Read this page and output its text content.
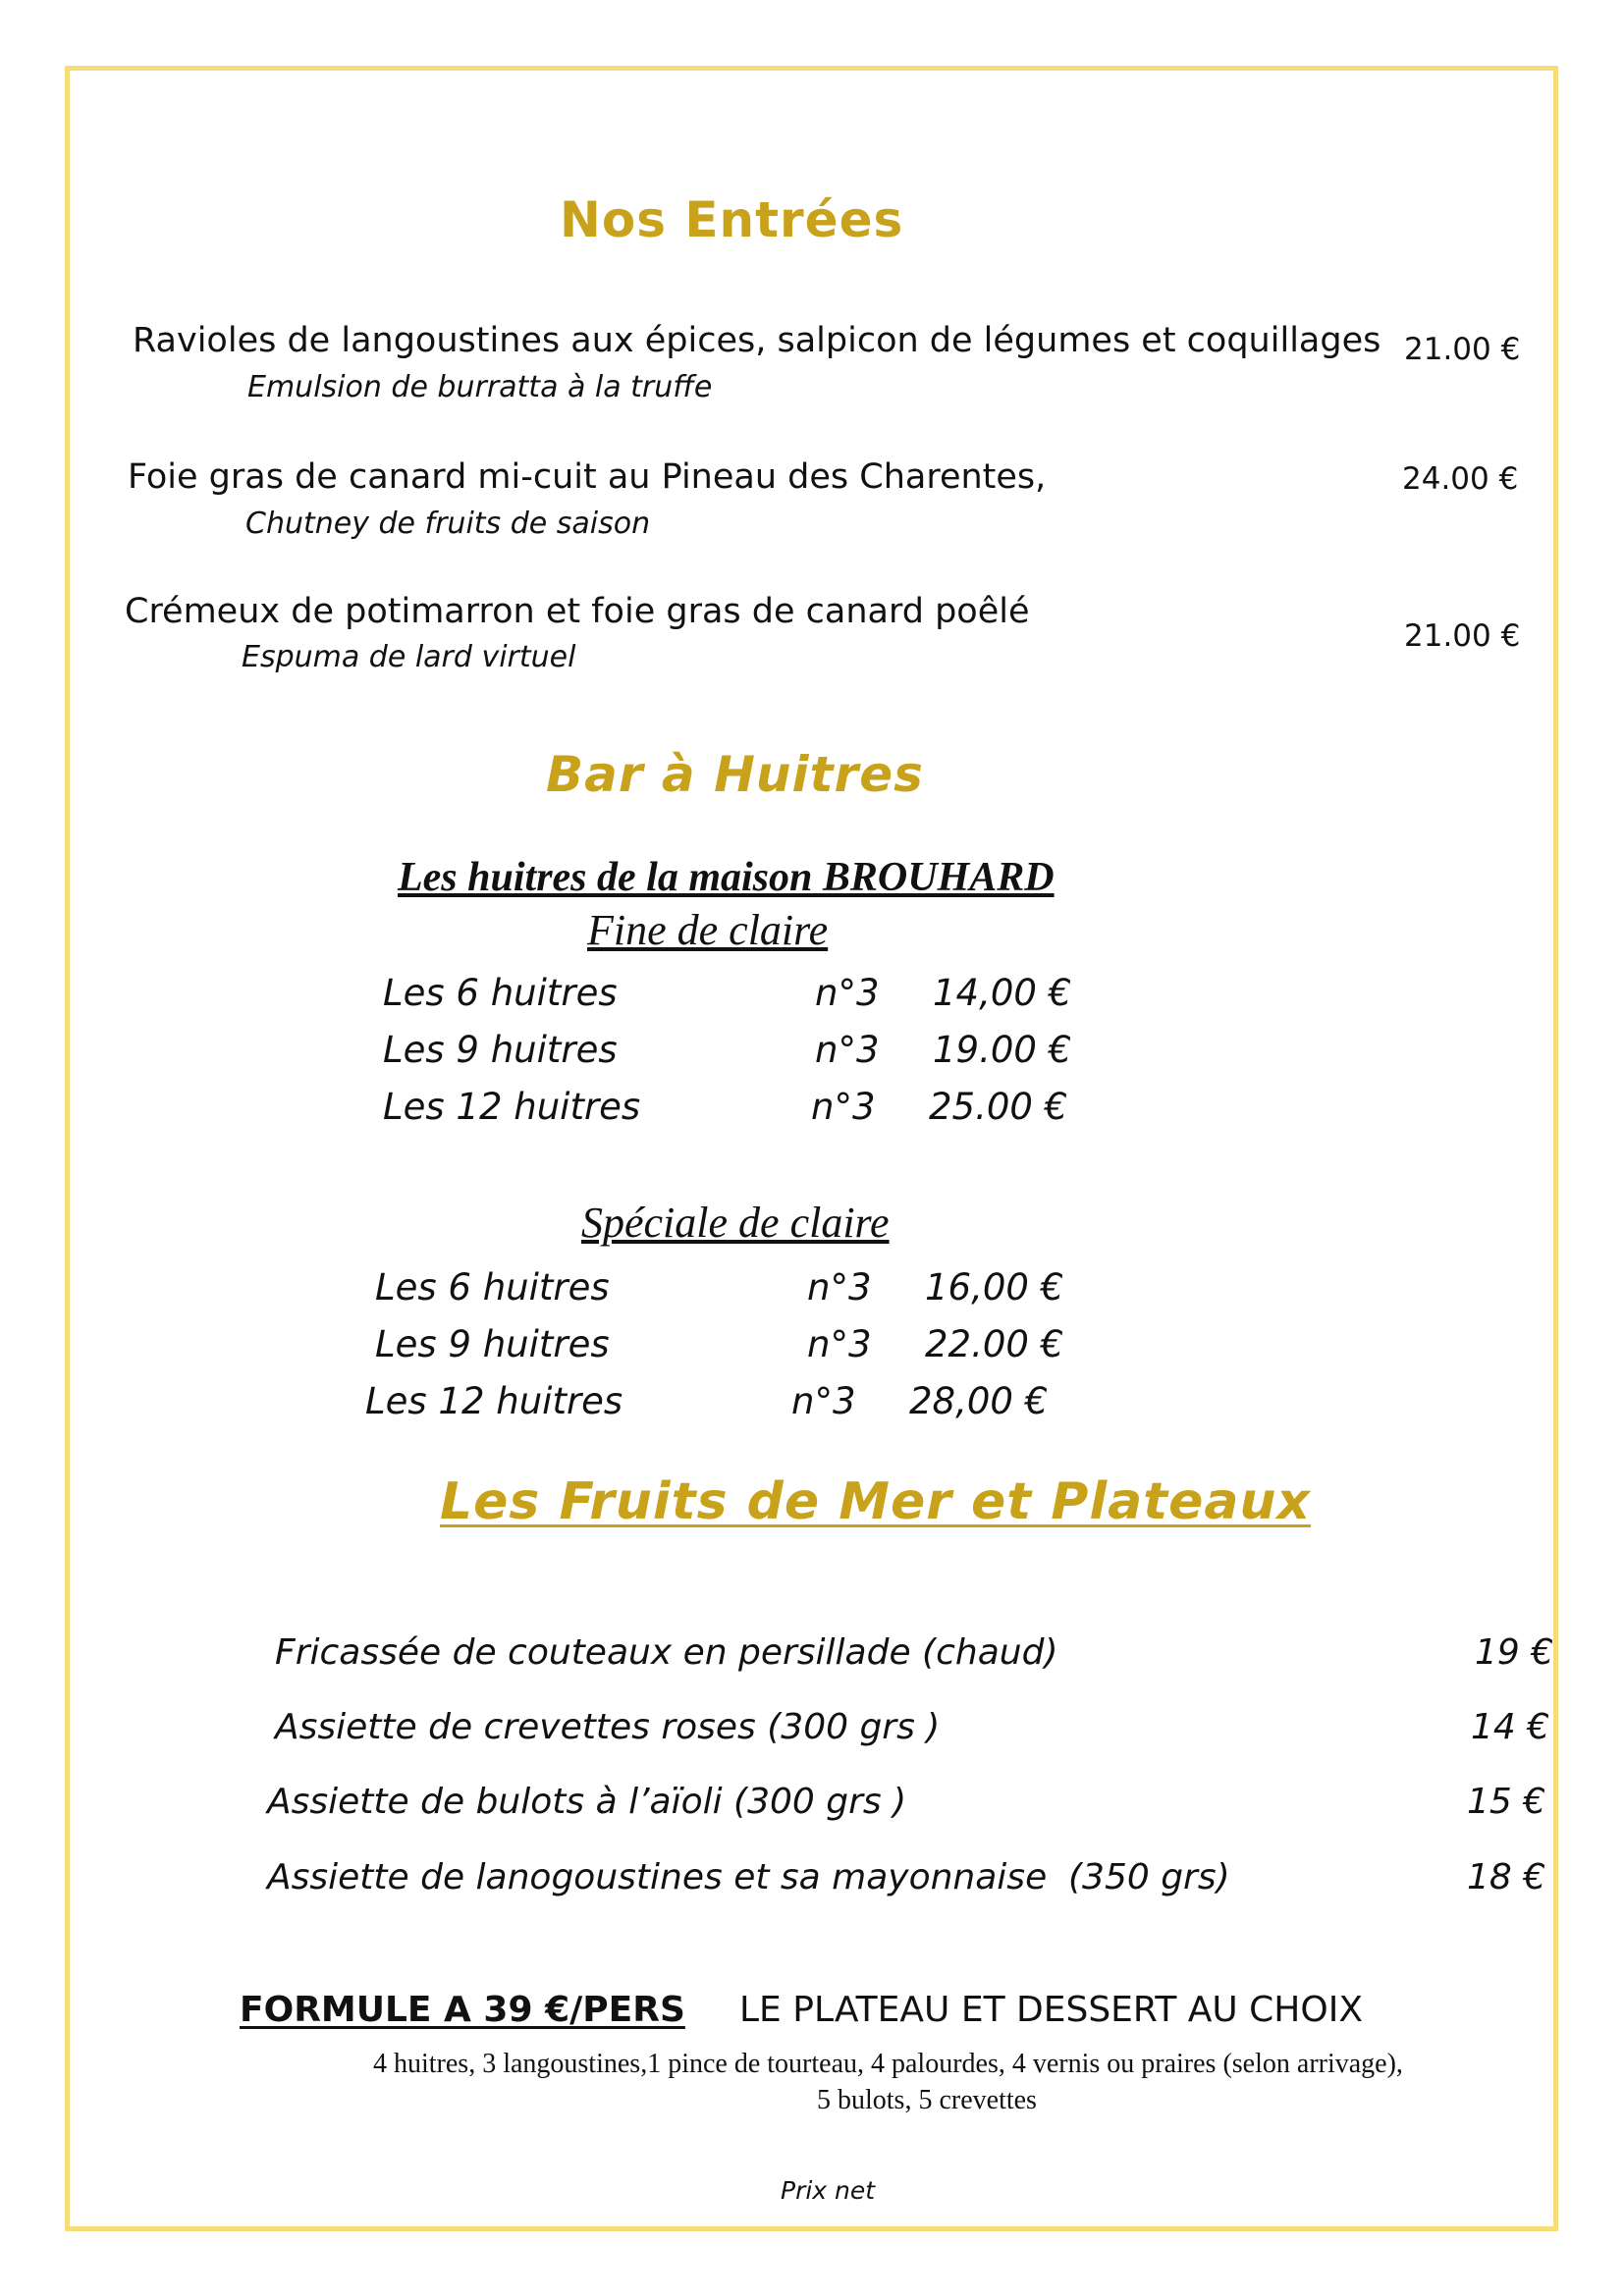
Nos Entrées
Ravioles de langoustines aux épices, salpicon de légumes et coquillages
Emulsion de burratta à la truffe
21.00 €
Foie gras de canard mi-cuit au Pineau des Charentes,
Chutney de fruits de saison
24.00 €
Crémeux de potimarron et foie gras de canard poêlé
Espuma de lard virtuel
21.00 €
Bar à Huitres
Les huitres de la maison BROUHARD
Fine de claire
Les 6 huitres	n°3 14,00 €
Les 9 huitres	n°3 19.00 €
Les 12 huitres	n°3 25.00 €
Spéciale de claire
Les 6 huitres	n°3 16,00 €
Les 9 huitres	n°3 22.00 €
Les 12 huitres	n°3 28,00 €
Les Fruits de Mer et Plateaux
Fricassée de couteaux en persillade (chaud)	19 €
Assiette de crevettes roses (300 grs )	14 €
Assiette de bulots à l’aïoli (300 grs )	15 €
Assiette de lanogoustines et sa mayonnaise (350 grs)	18 €
FORMULE A 39 €/PERS LE PLATEAU ET DESSERT AU CHOIX
4 huitres, 3 langoustines,1 pince de tourteau, 4 palourdes, 4 vernis ou praires (selon arrivage),
5 bulots, 5 crevettes
Prix net
